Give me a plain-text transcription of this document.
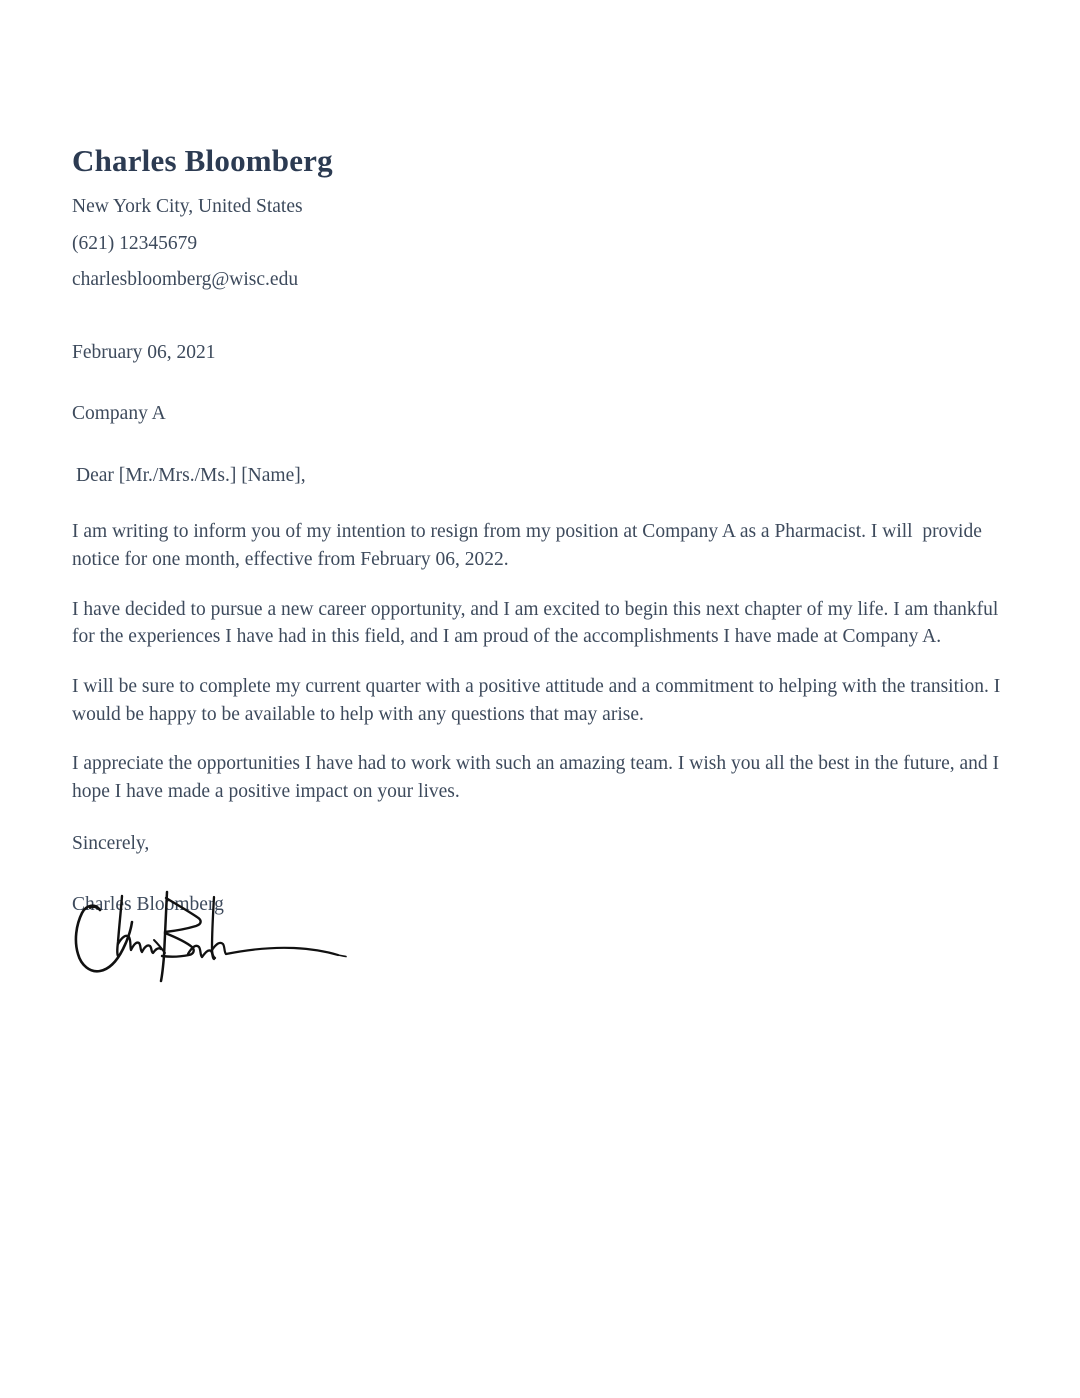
Charles Bloomberg

New York City, United States

(621) 12345679

charlesbloomberg@wisc.edu

February 06, 2021

Company A

Dear [Mr./Mrs./Ms.] [Name],

I am writing to inform you of my intention to resign from my position at Company A as a Pharmacist. I will  provide notice for one month, effective from February 06, 2022.

I have decided to pursue a new career opportunity, and I am excited to begin this next chapter of my life. I am thankful for the experiences I have had in this field, and I am proud of the accomplishments I have made at Company A.

I will be sure to complete my current quarter with a positive attitude and a commitment to helping with the transition. I would be happy to be available to help with any questions that may arise.

I appreciate the opportunities I have had to work with such an amazing team. I wish you all the best in the future, and I hope I have made a positive impact on your lives.

Sincerely,

Charles Bloomberg
